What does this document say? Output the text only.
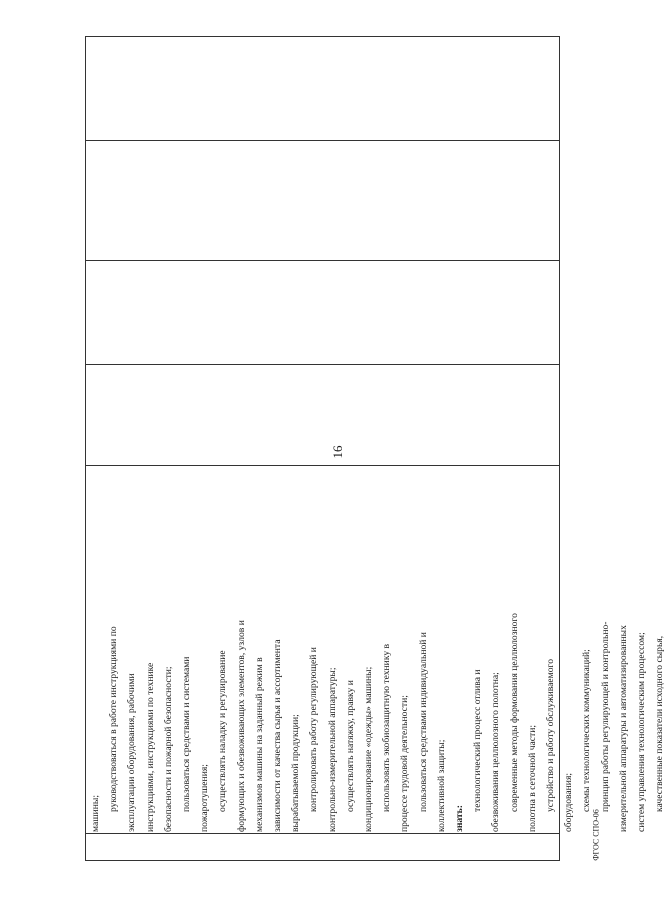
16
машины;
руководствоваться в работе инструкциями по эксплуатации оборудования, рабочими инструкциями, инструкциями по технике безопасности и пожарной безопасности; пользоваться средствами и системами пожаротушения; осуществлять наладку и регулирование формующих и обезвоживающих элементов, узлов и механизмов машины на заданный режим в зависимости от качества сырья и ассортимента вырабатываемой продукции; контролировать работу регулирующей и контрольно-измерительной аппаратуры; осуществлять натяжку, правку и кондиционирование «одежды» машины; использовать экобиозащитную технику в процессе трудовой деятельности; пользоваться средствами индивидуальной и коллективной защиты; знать:
технологический процесс отлива и обезвоживания целлюлозного полотна; современные методы формования целлюлозного полотна в сеточной части; устройство и работу обслуживаемого оборудования; схемы технологических коммуникаций; принцип работы регулирующей и контрольно- измерительной аппаратуры и автоматизированных систем управления технологическим процессом; качественные показатели исходного сырья,
ФГОС СПО-06
